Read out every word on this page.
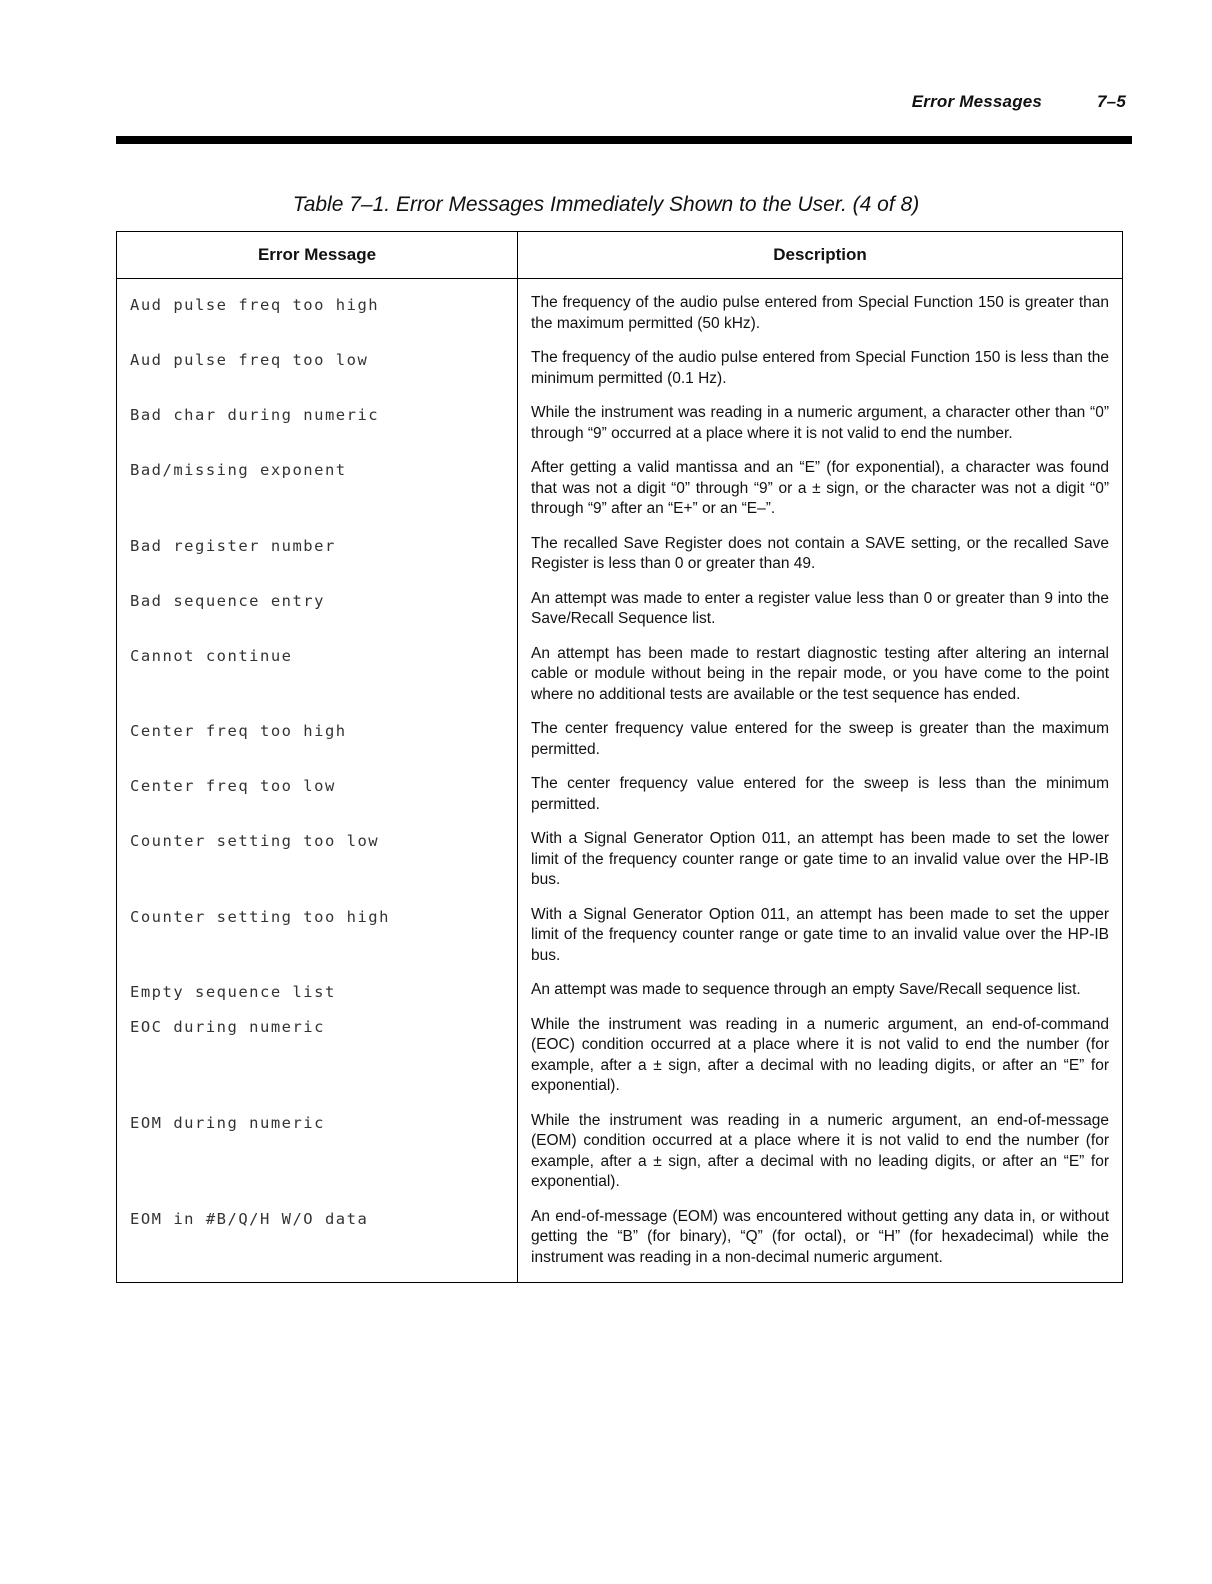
Error Messages	7–5
Table 7–1. Error Messages Immediately Shown to the User. (4 of 8)
Error Message	Description

Aud pulse freq too high	The frequency of the audio pulse entered from Special Function 150 is greater than the maximum permitted (50 kHz).

Aud pulse freq too low	The frequency of the audio pulse entered from Special Function 150 is less than the minimum permitted (0.1 Hz).

Bad char during numeric	While the instrument was reading in a numeric argument, a character other than “0” through “9” occurred at a place where it is not valid to end the number.

Bad/missing exponent	After getting a valid mantissa and an “E” (for exponential), a character was found that was not a digit “0” through “9” or a ± sign, or the character was not a digit “0” through “9” after an “E+” or an “E–”.

Bad register number	The recalled Save Register does not contain a SAVE setting, or the recalled Save Register is less than 0 or greater than 49.

Bad sequence entry	An attempt was made to enter a register value less than 0 or greater than 9 into the Save/Recall Sequence list.

Cannot continue	An attempt has been made to restart diagnostic testing after altering an internal cable or module without being in the repair mode, or you have come to the point where no additional tests are available or the test sequence has ended.

Center freq too high	The center frequency value entered for the sweep is greater than the maximum permitted.

Center freq too low	The center frequency value entered for the sweep is less than the minimum permitted.

Counter setting too low	With a Signal Generator Option 011, an attempt has been made to set the lower limit of the frequency counter range or gate time to an invalid value over the HP-IB bus.

Counter setting too high	With a Signal Generator Option 011, an attempt has been made to set the upper limit of the frequency counter range or gate time to an invalid value over the HP-IB bus.

Empty sequence list	An attempt was made to sequence through an empty Save/Recall sequence list.

EOC during numeric	While the instrument was reading in a numeric argument, an end-of-command (EOC) condition occurred at a place where it is not valid to end the number (for example, after a ± sign, after a decimal with no leading digits, or after an “E” for exponential).

EOM during numeric	While the instrument was reading in a numeric argument, an end-of-message (EOM) condition occurred at a place where it is not valid to end the number (for example, after a ± sign, after a decimal with no leading digits, or after an “E” for exponential).

EOM in #B/Q/H W/O data	An end-of-message (EOM) was encountered without getting any data in, or without getting the “B” (for binary), “Q” (for octal), or “H” (for hexadecimal) while the instrument was reading in a non-decimal numeric argument.
